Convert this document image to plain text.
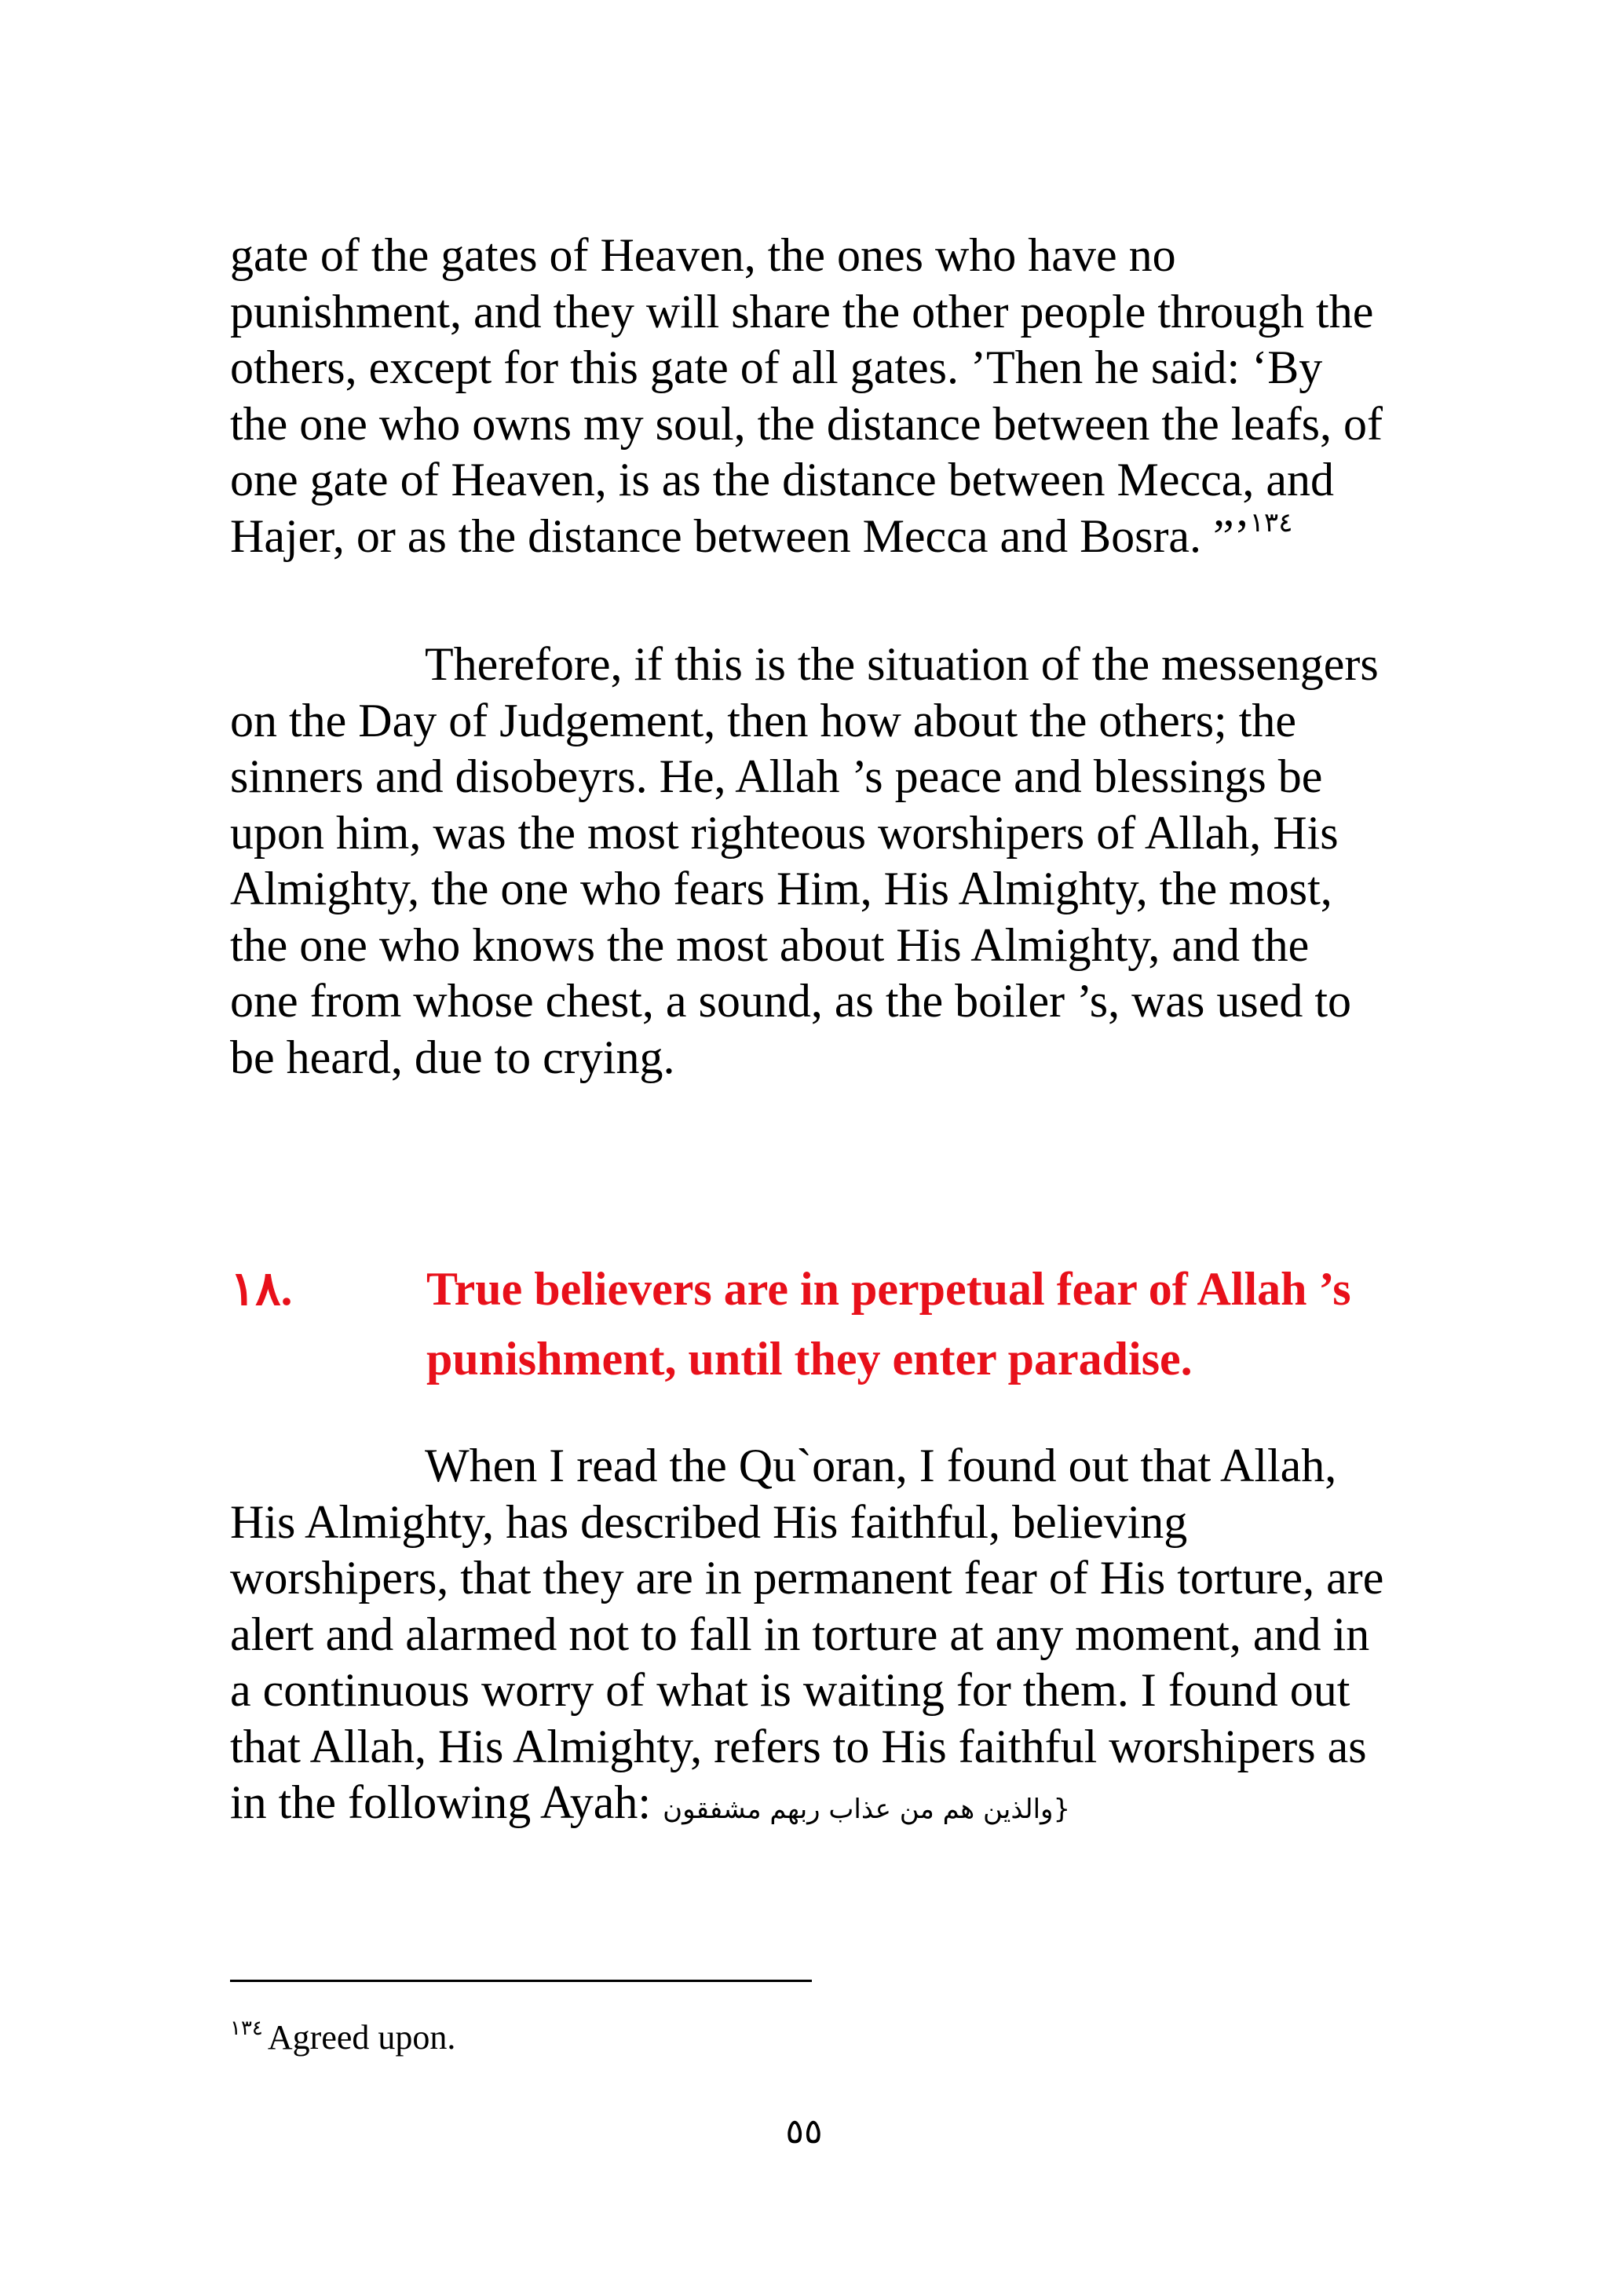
gate of the gates of Heaven, the ones who have no punishment, and they will share the other people through the others, except for this gate of all gates. ’Then he said: ‘By the one who owns my soul, the distance between the leafs, of one gate of Heaven, is as the distance between Mecca, and Hajer, or as the distance between Mecca and Bosra. ”’$^{١٣٤}$

Therefore, if this is the situation of the messengers on the Day of Judgement, then how about the others; the sinners and disobeyrs. He, Allah ’s peace and blessings be upon him, was the most righteous worshipers of Allah, His Almighty, the one who fears Him, His Almighty, the most, the one who knows the most about His Almighty, and the one from whose chest, a sound, as the boiler ’s, was used to be heard, due to crying.

١٨.	True believers are in perpetual fear of Allah ’s punishment, until they enter paradise.

When I read the Qu`oran, I found out that Allah, His Almighty, has described His faithful, believing worshipers, that they are in permanent fear of His torture, are alert and alarmed not to fall in torture at any moment, and in a continuous worry of what is waiting for them. I found out that Allah, His Almighty, refers to His faithful worshipers as in the following Ayah: {والذين هم من عذاب ربهم مشفقون

$^{١٣٤}$ Agreed upon.
٥٥
